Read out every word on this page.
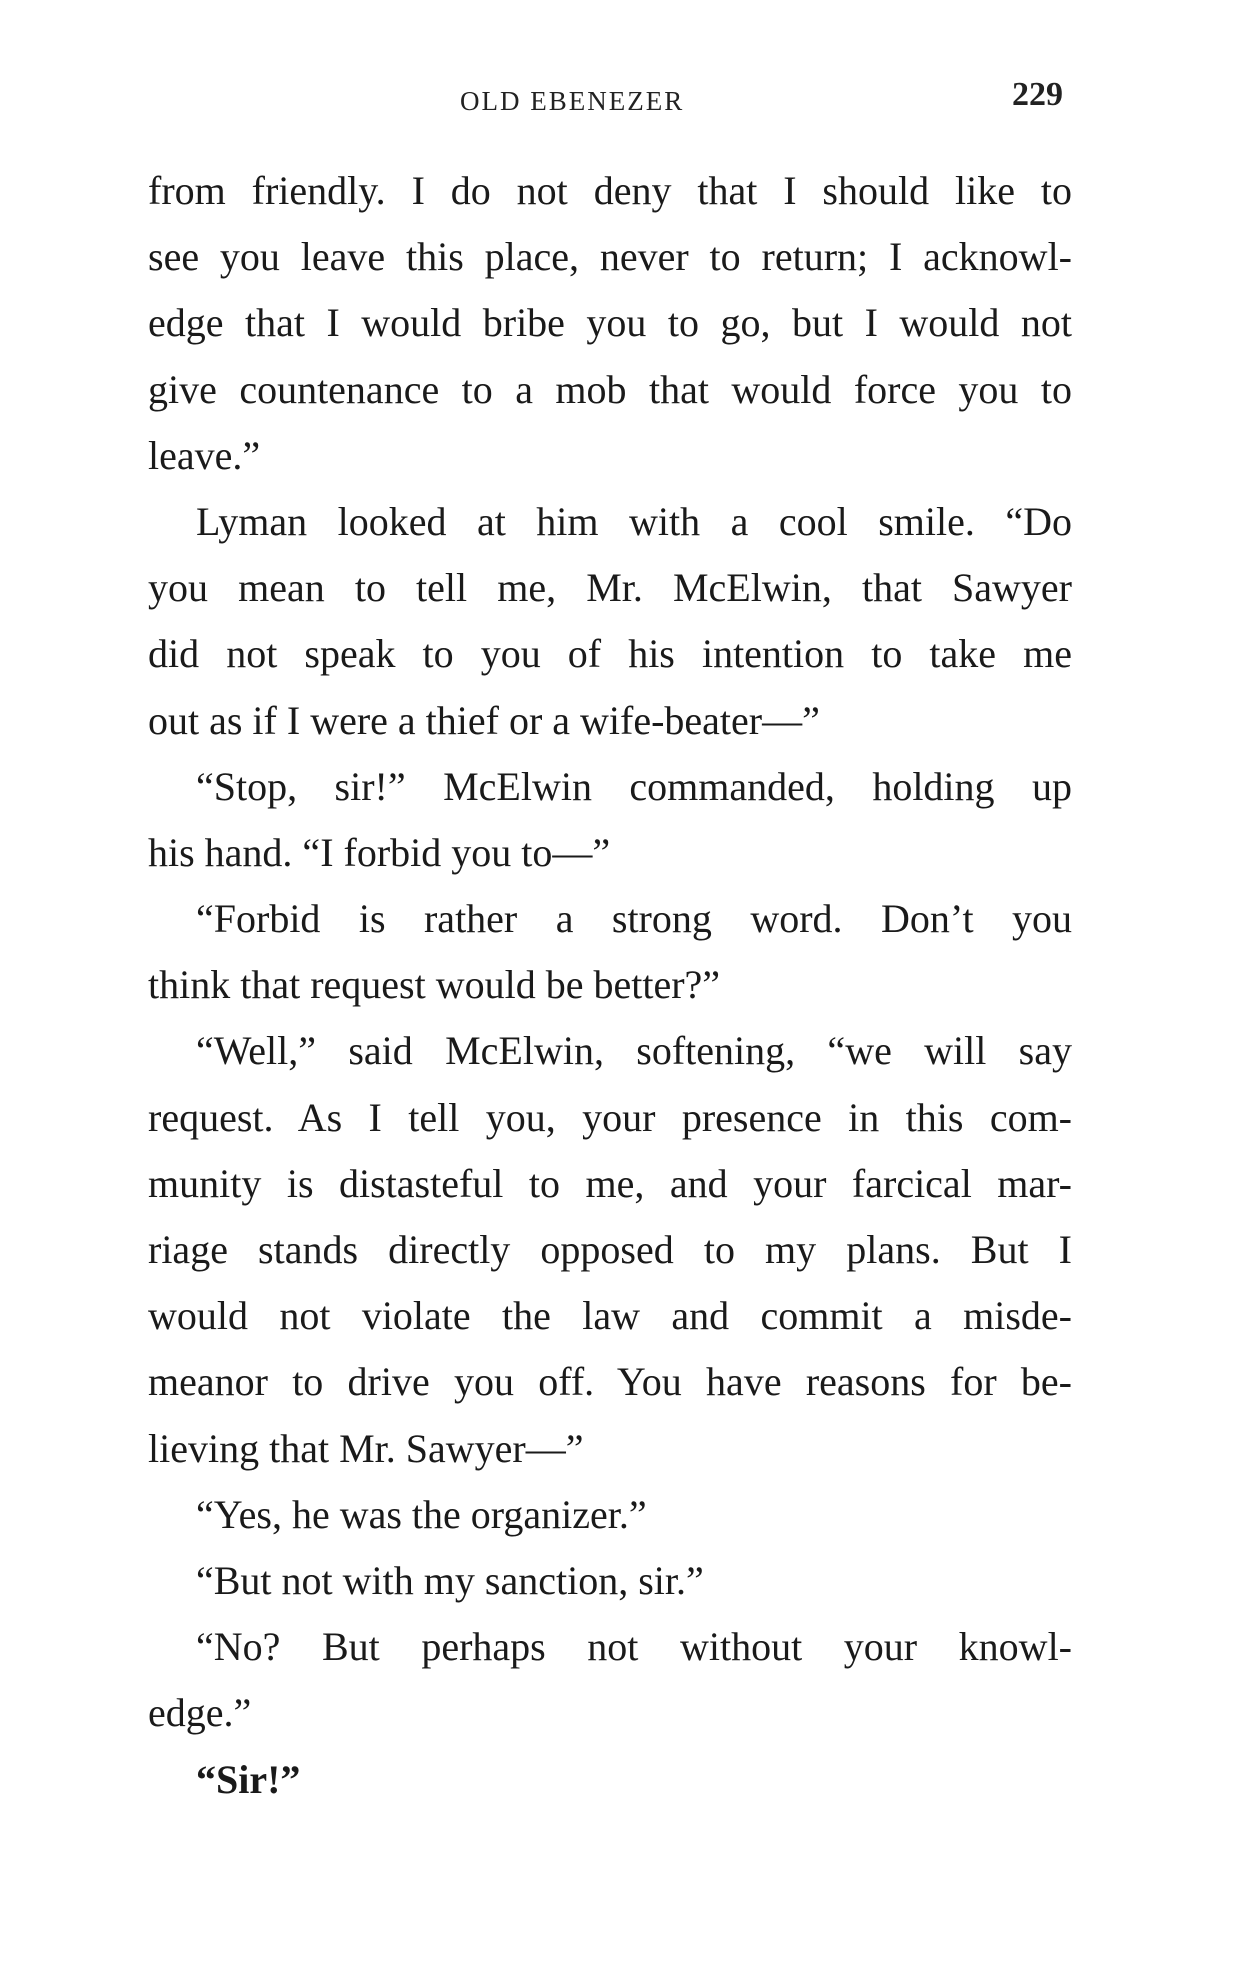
OLD EBENEZER	229
from friendly. I do not deny that I should like to
see you leave this place, never to return; I acknowl-
edge that I would bribe you to go, but I would not
give countenance to a mob that would force you to
leave.”
Lyman looked at him with a cool smile. “Do
you mean to tell me, Mr. McElwin, that Sawyer
did not speak to you of his intention to take me
out as if I were a thief or a wife-beater—”
“Stop, sir!” McElwin commanded, holding up
his hand. “I forbid you to—”
“Forbid is rather a strong word. Don’t you
think that request would be better?”
“Well,” said McElwin, softening, “we will say
request. As I tell you, your presence in this com-
munity is distasteful to me, and your farcical mar-
riage stands directly opposed to my plans. But I
would not violate the law and commit a misde-
meanor to drive you off. You have reasons for be-
lieving that Mr. Sawyer—”
“Yes, he was the organizer.”
“But not with my sanction, sir.”
“No? But perhaps not without your knowl-
edge.”
“Sir!”
